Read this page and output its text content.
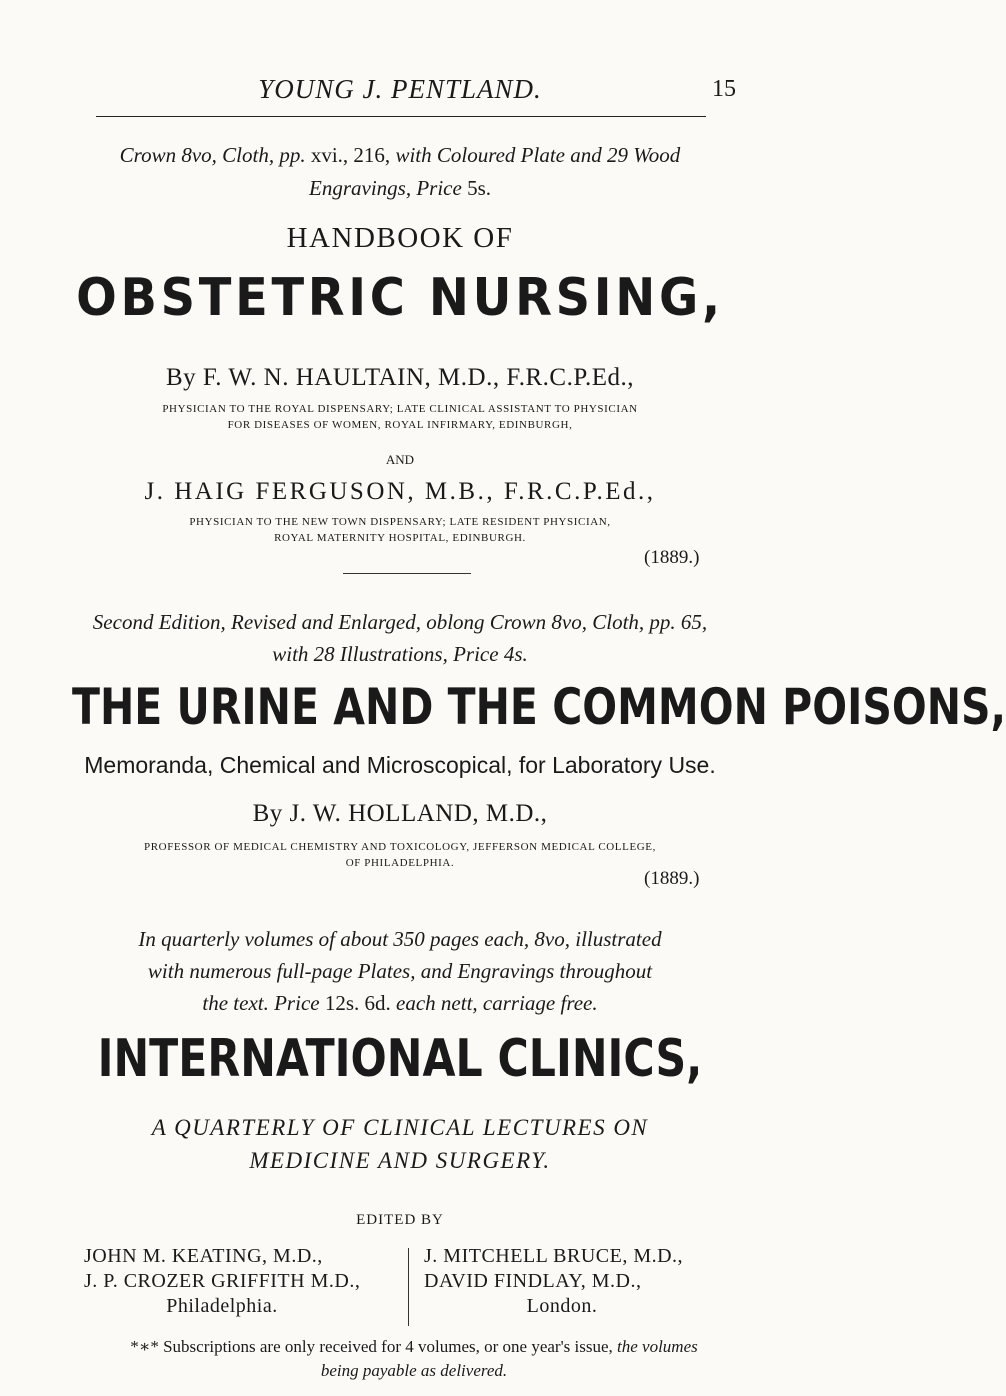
YOUNG J. PENTLAND.	15
Crown 8vo, Cloth, pp. xvi., 216, with Coloured Plate and 29 Wood
Engravings, Price 5s.
HANDBOOK OF
OBSTETRIC NURSING,
By F. W. N. HAULTAIN, M.D., F.R.C.P.Ed.,
PHYSICIAN TO THE ROYAL DISPENSARY; LATE CLINICAL ASSISTANT TO PHYSICIAN
FOR DISEASES OF WOMEN, ROYAL INFIRMARY, EDINBURGH,
AND
J. HAIG FERGUSON, M.B., F.R.C.P.Ed.,
PHYSICIAN TO THE NEW TOWN DISPENSARY; LATE RESIDENT PHYSICIAN,
ROYAL MATERNITY HOSPITAL, EDINBURGH.
(1889.)
Second Edition, Revised and Enlarged, oblong Crown 8vo, Cloth, pp. 65,
with 28 Illustrations, Price 4s.
THE URINE AND THE COMMON POISONS,
Memoranda, Chemical and Microscopical, for Laboratory Use.
By J. W. HOLLAND, M.D.,
PROFESSOR OF MEDICAL CHEMISTRY AND TOXICOLOGY, JEFFERSON MEDICAL COLLEGE,
OF PHILADELPHIA.
(1889.)
In quarterly volumes of about 350 pages each, 8vo, illustrated
with numerous full-page Plates, and Engravings throughout
the text. Price 12s. 6d. each nett, carriage free.
INTERNATIONAL CLINICS,
A QUARTERLY OF CLINICAL LECTURES ON
MEDICINE AND SURGERY.
EDITED BY
JOHN M. KEATING, M.D.,
J. P. CROZER GRIFFITH M.D.,
Philadelphia.
J. MITCHELL BRUCE, M.D.,
DAVID FINDLAY, M.D.,
London.
*∗* Subscriptions are only received for 4 volumes, or one year's issue, the volumes
being payable as delivered.
